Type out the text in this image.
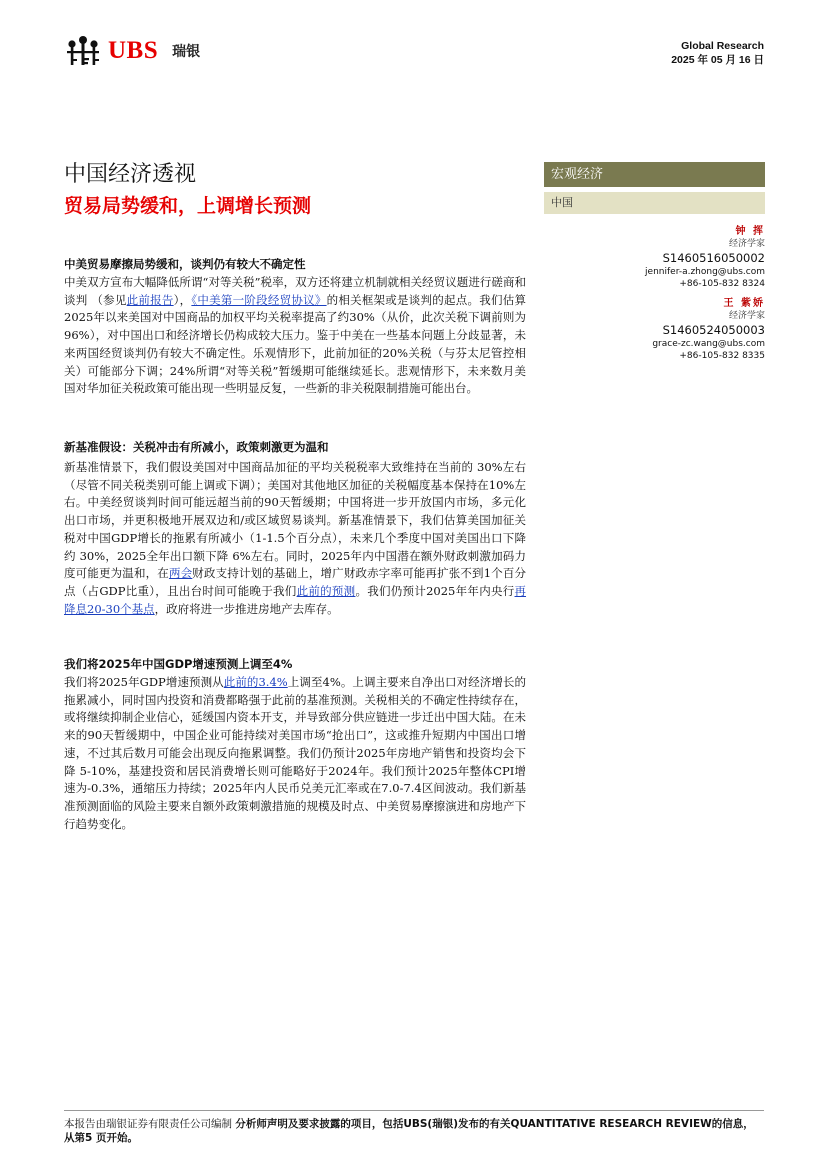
UBS 瑞银	Global Research
2025 年 05 月 16 日
中国经济透视
贸易局势缓和，上调增长预测
宏观经济
中国
钟 挥
经济学家
S1460516050002
jennifer-a.zhong@ubs.com
+86-105-832 8324
王 紫娇
经济学家
S1460524050003
grace-zc.wang@ubs.com
+86-105-832 8335
中美贸易摩擦局势缓和，谈判仍有较大不确定性
中美双方宣布大幅降低所谓“对等关税”税率，双方还将建立机制就相关经贸议题进行磋商和谈判 （参见此前报告），《中美第一阶段经贸协议》的相关框架或是谈判的起点。我们估算2025年以来美国对中国商品的加权平均关税率提高了约30%（从价，此次关税下调前则为96%），对中国出口和经济增长仍构成较大压力。鉴于中美在一些基本问题上分歧显著，未来两国经贸谈判仍有较大不确定性。乐观情形下，此前加征的20%关税（与芬太尼管控相关）可能部分下调；24%所谓“对等关税”暂缓期可能继续延长。悲观情形下，未来数月美国对华加征关税政策可能出现一些明显反复，一些新的非关税限制措施可能出台。
新基准假设：关税冲击有所减小，政策刺激更为温和
新基准情景下，我们假设美国对中国商品加征的平均关税税率大致维持在当前的 30%左右（尽管不同关税类别可能上调或下调）；美国对其他地区加征的关税幅度基本保持在10%左右。中美经贸谈判时间可能远超当前的90天暂缓期；中国将进一步开放国内市场，多元化出口市场，并更积极地开展双边和/或区域贸易谈判。新基准情景下，我们估算美国加征关税对中国GDP增长的拖累有所减小（1-1.5个百分点），未来几个季度中国对美国出口下降约 30%，2025全年出口额下降 6%左右。同时，2025年内中国潜在额外财政刺激加码力度可能更为温和，在两会财政支持计划的基础上，增广财政赤字率可能再扩张不到1个百分点（占GDP比重），且出台时间可能晚于我们此前的预测。我们仍预计2025年年内央行再降息20-30个基点，政府将进一步推进房地产去库存。
我们将2025年中国GDP增速预测上调至4%
我们将2025年GDP增速预测从此前的3.4%上调至4%。上调主要来自净出口对经济增长的拖累减小，同时国内投资和消费都略强于此前的基准预测。关税相关的不确定性持续存在，或将继续抑制企业信心，延缓国内资本开支，并导致部分供应链进一步迁出中国大陆。在未来的90天暂缓期中，中国企业可能持续对美国市场“抢出口”，这或推升短期内中国出口增速，不过其后数月可能会出现反向拖累调整。我们仍预计2025年房地产销售和投资均会下降 5-10%，基建投资和居民消费增长则可能略好于2024年。我们预计2025年整体CPI增速为-0.3%，通缩压力持续；2025年内人民币兑美元汇率或在7.0-7.4区间波动。我们新基准预测面临的风险主要来自额外政策刺激措施的规模及时点、中美贸易摩擦演进和房地产下行趋势变化。
本报告由瑞银证券有限责任公司编制 分析师声明及要求披露的项目，包括UBS(瑞银)发布的有关QUANTITATIVE RESEARCH REVIEW的信息，从第5 页开始。
